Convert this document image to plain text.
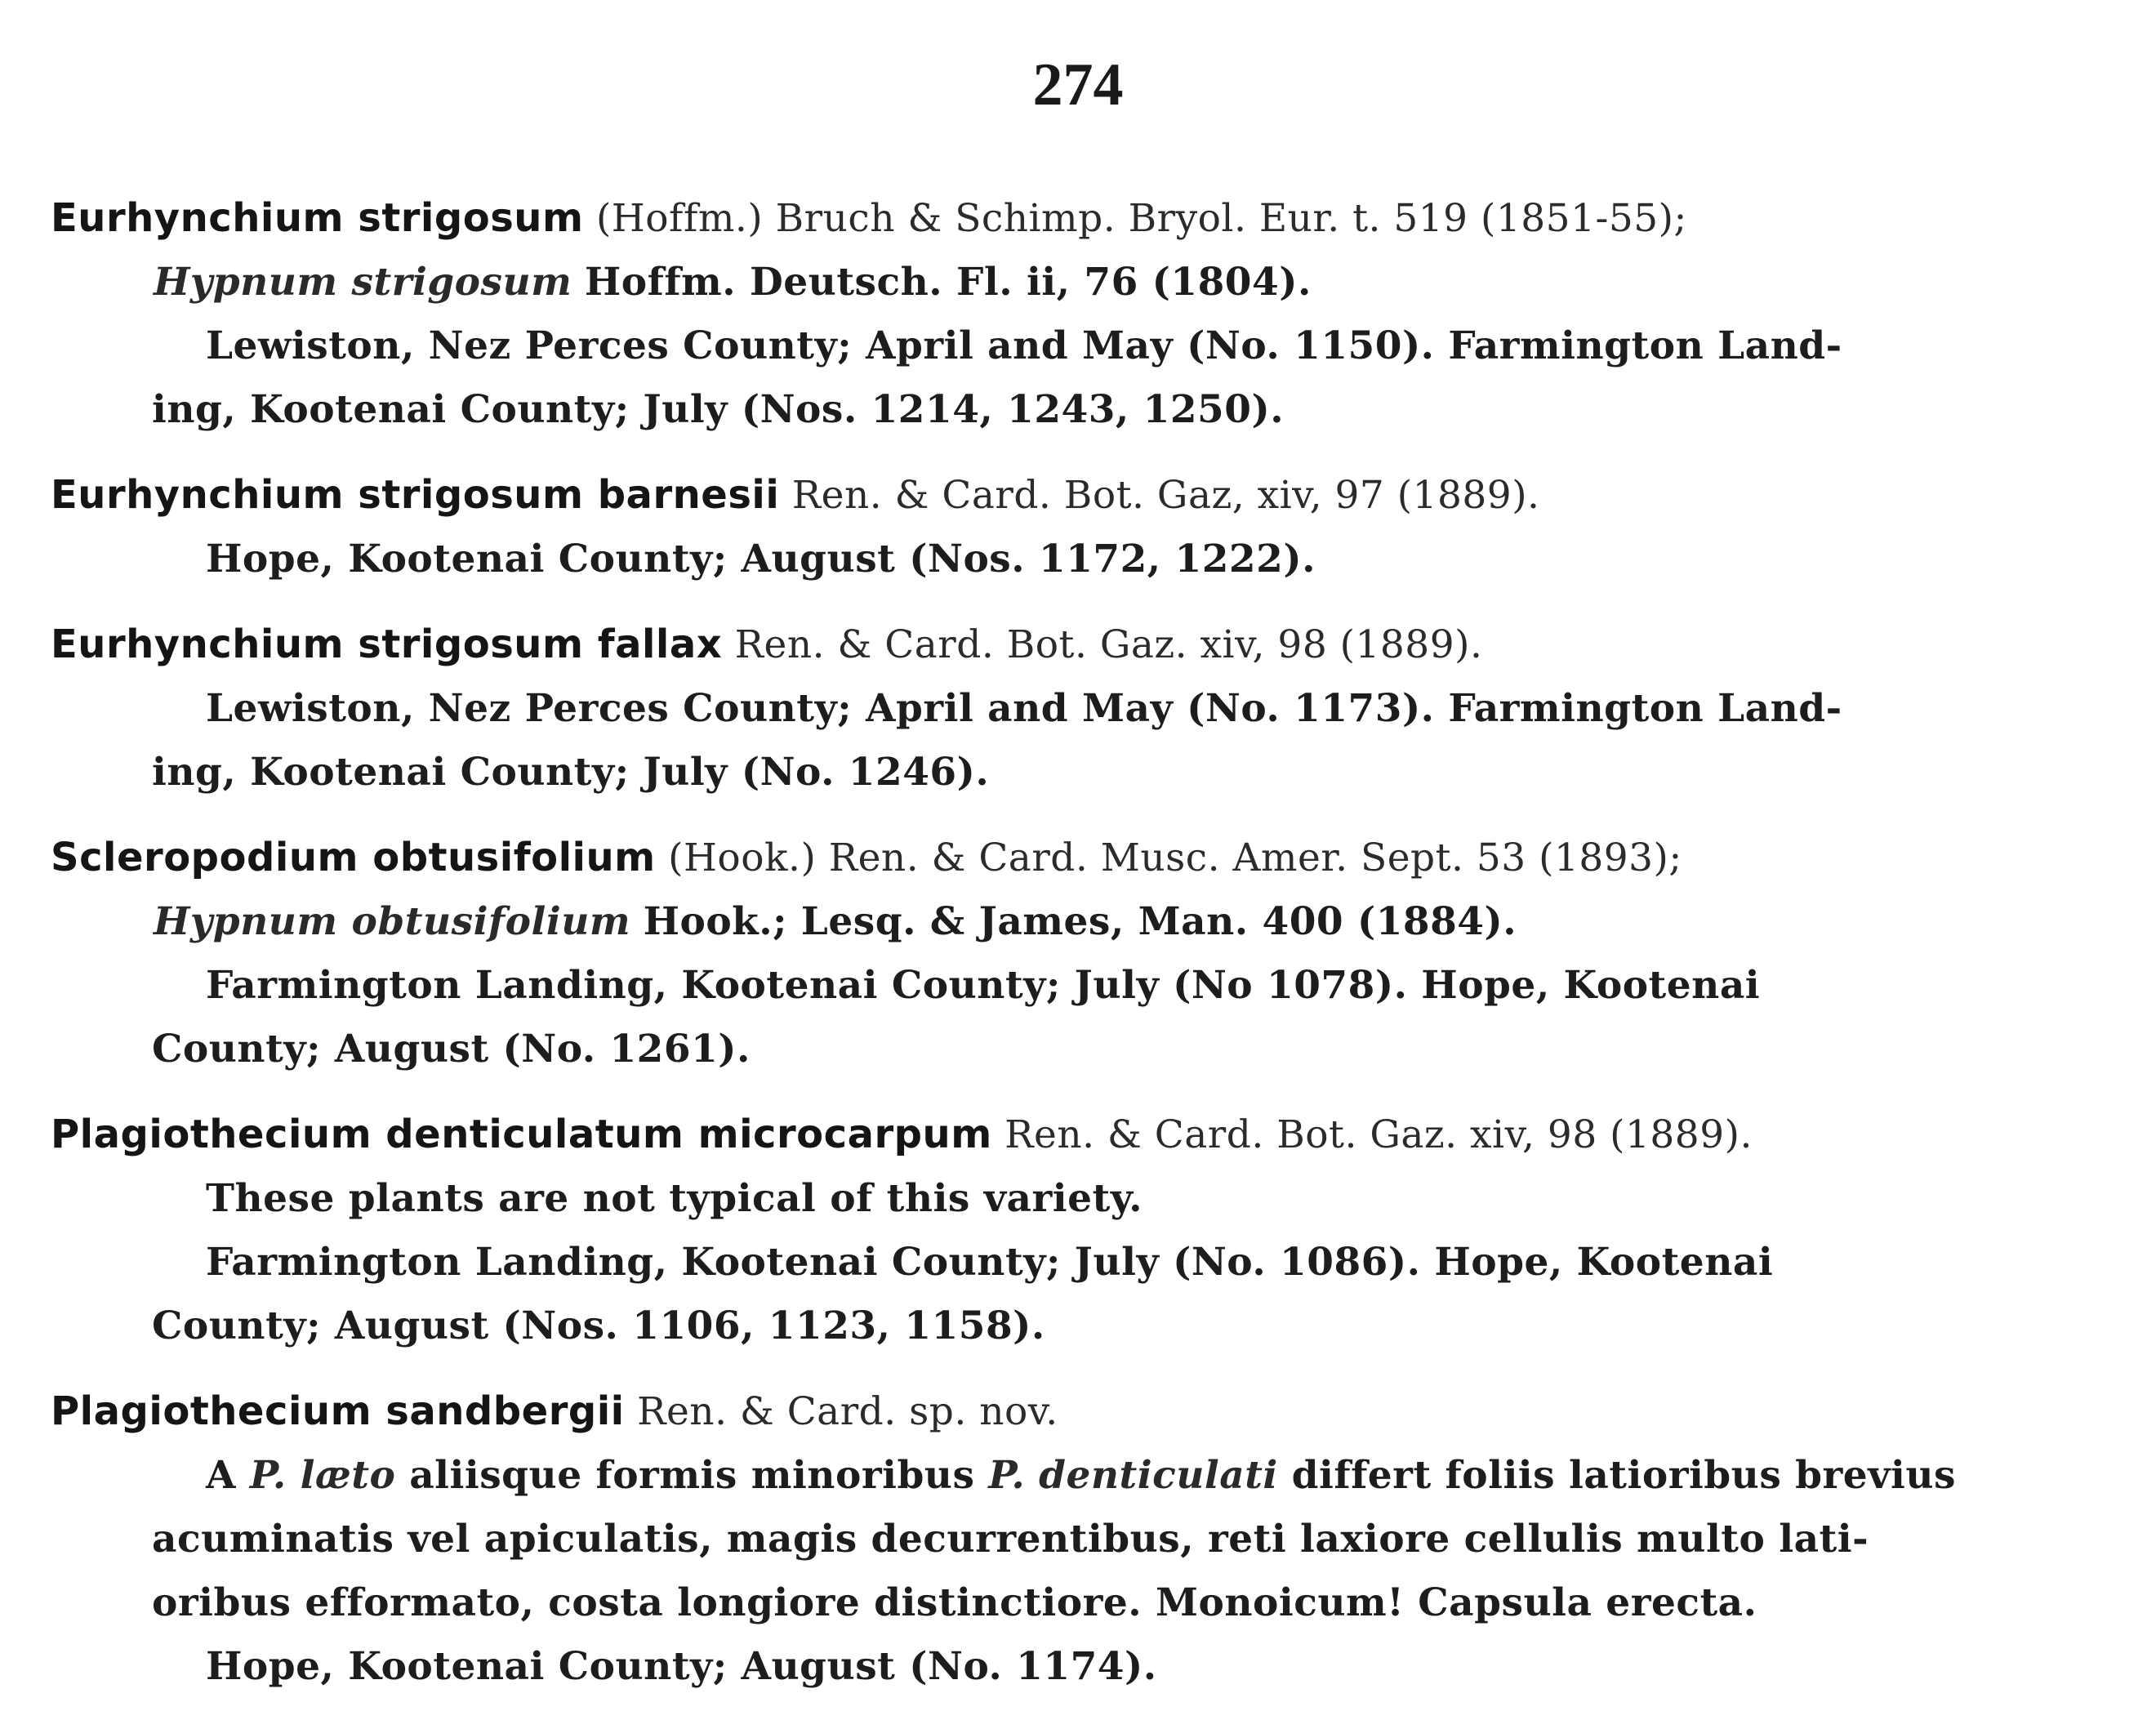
274
Eurhynchium strigosum (Hoffm.) Bruch & Schimp. Bryol. Eur. t. 519 (1851-55);
Hypnum strigosum Hoffm. Deutsch. Fl. ii, 76 (1804).
Lewiston, Nez Perces County; April and May (No. 1150). Farmington Land-
ing, Kootenai County; July (Nos. 1214, 1243, 1250).
Eurhynchium strigosum barnesii Ren. & Card. Bot. Gaz, xiv, 97 (1889).
Hope, Kootenai County; August (Nos. 1172, 1222).
Eurhynchium strigosum fallax Ren. & Card. Bot. Gaz. xiv, 98 (1889).
Lewiston, Nez Perces County; April and May (No. 1173). Farmington Land-
ing, Kootenai County; July (No. 1246).
Scleropodium obtusifolium (Hook.) Ren. & Card. Musc. Amer. Sept. 53 (1893);
Hypnum obtusifolium Hook.; Lesq. & James, Man. 400 (1884).
Farmington Landing, Kootenai County; July (No 1078). Hope, Kootenai
County; August (No. 1261).
Plagiothecium denticulatum microcarpum Ren. & Card. Bot. Gaz. xiv, 98 (1889).
These plants are not typical of this variety.
Farmington Landing, Kootenai County; July (No. 1086). Hope, Kootenai
County; August (Nos. 1106, 1123, 1158).
Plagiothecium sandbergii Ren. & Card. sp. nov.
A P. læto aliisque formis minoribus P. denticulati differt foliis latioribus brevius
acuminatis vel apiculatis, magis decurrentibus, reti laxiore cellulis multo lati-
oribus efformato, costa longiore distinctiore. Monoicum! Capsula erecta.
Hope, Kootenai County; August (No. 1174).
